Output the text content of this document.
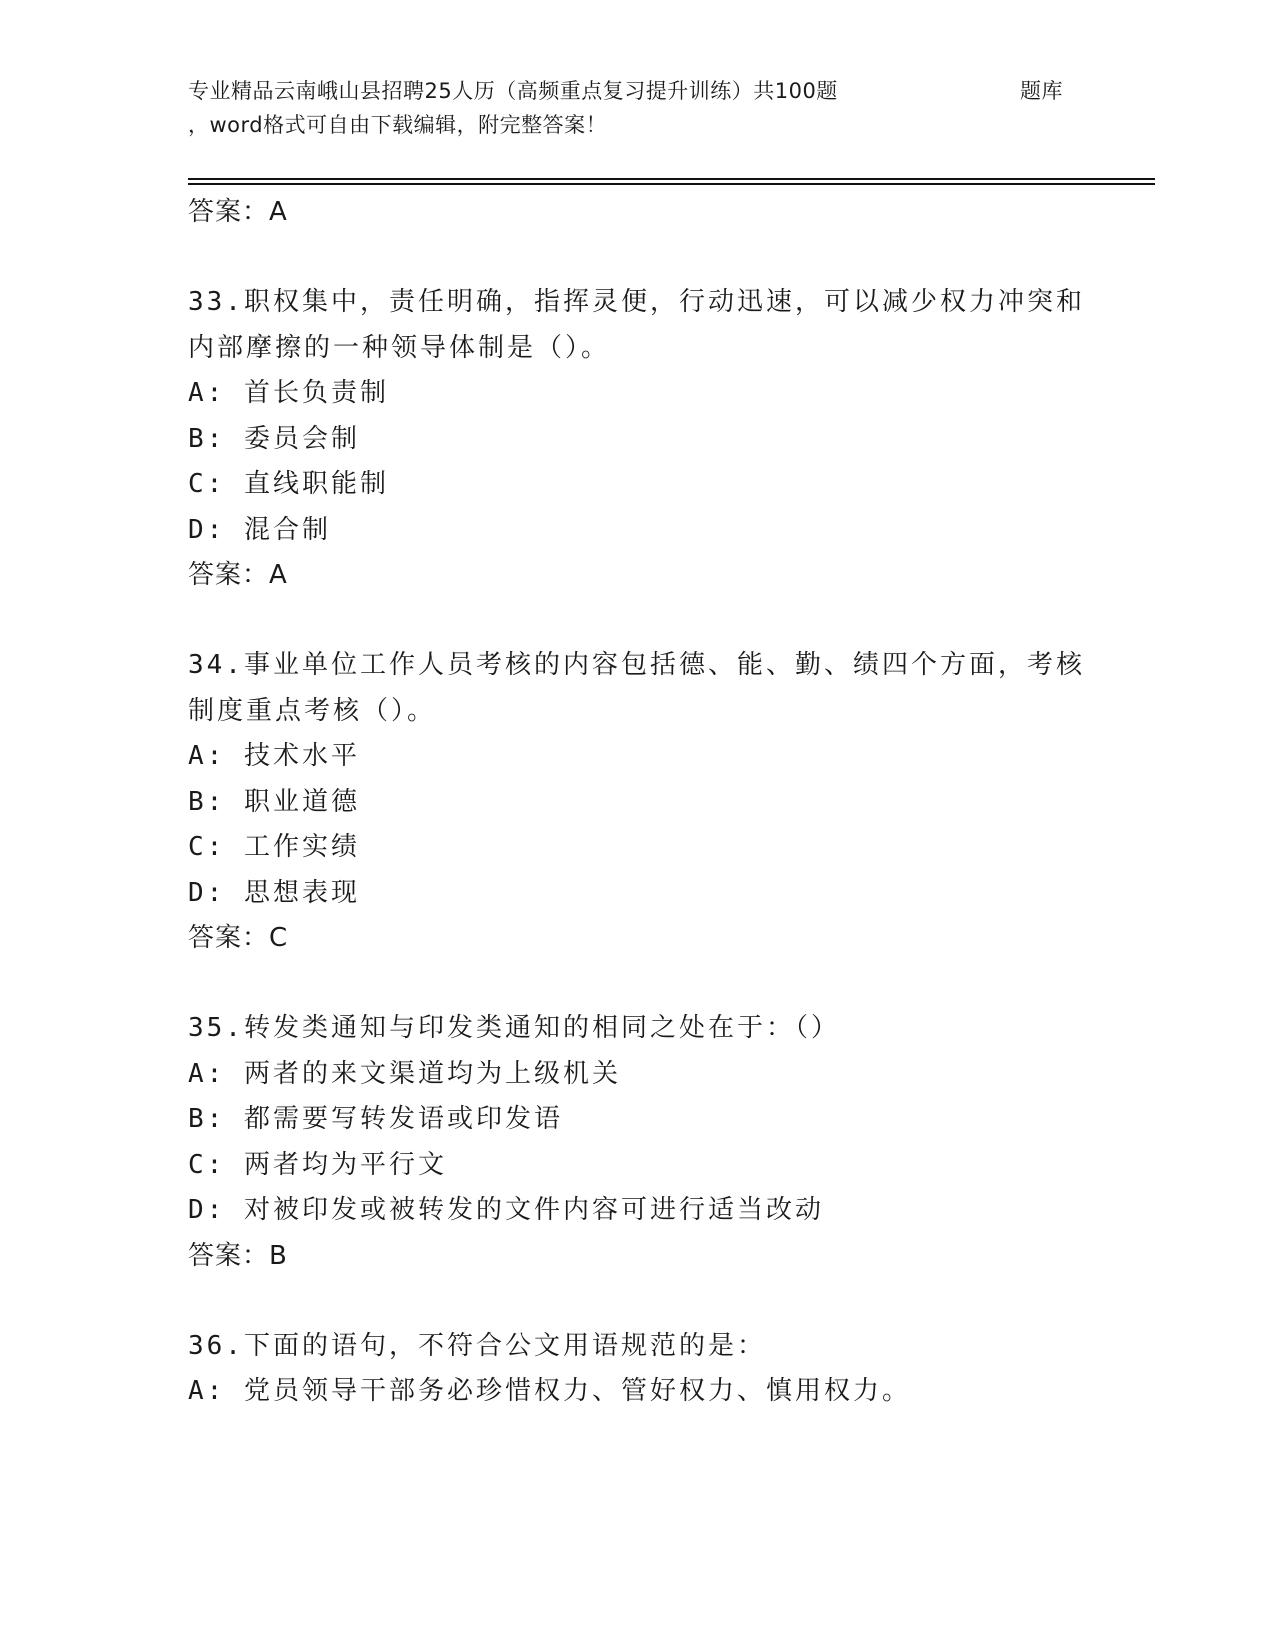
专业精品云南峨山县招聘25人历（高频重点复习提升训练）共100题	题库
，word格式可自由下载编辑，附完整答案！
答案：A
33.职权集中，责任明确，指挥灵便，行动迅速，可以减少权力冲突和
内部摩擦的一种领导体制是（）。
A: 首长负责制
B: 委员会制
C: 直线职能制
D: 混合制
答案：A
34.事业单位工作人员考核的内容包括德、能、勤、绩四个方面，考核
制度重点考核（）。
A: 技术水平
B: 职业道德
C: 工作实绩
D: 思想表现
答案：C
35.转发类通知与印发类通知的相同之处在于：（）
A: 两者的来文渠道均为上级机关
B: 都需要写转发语或印发语
C: 两者均为平行文
D: 对被印发或被转发的文件内容可进行适当改动
答案：B
36.下面的语句，不符合公文用语规范的是：
A: 党员领导干部务必珍惜权力、管好权力、慎用权力。
